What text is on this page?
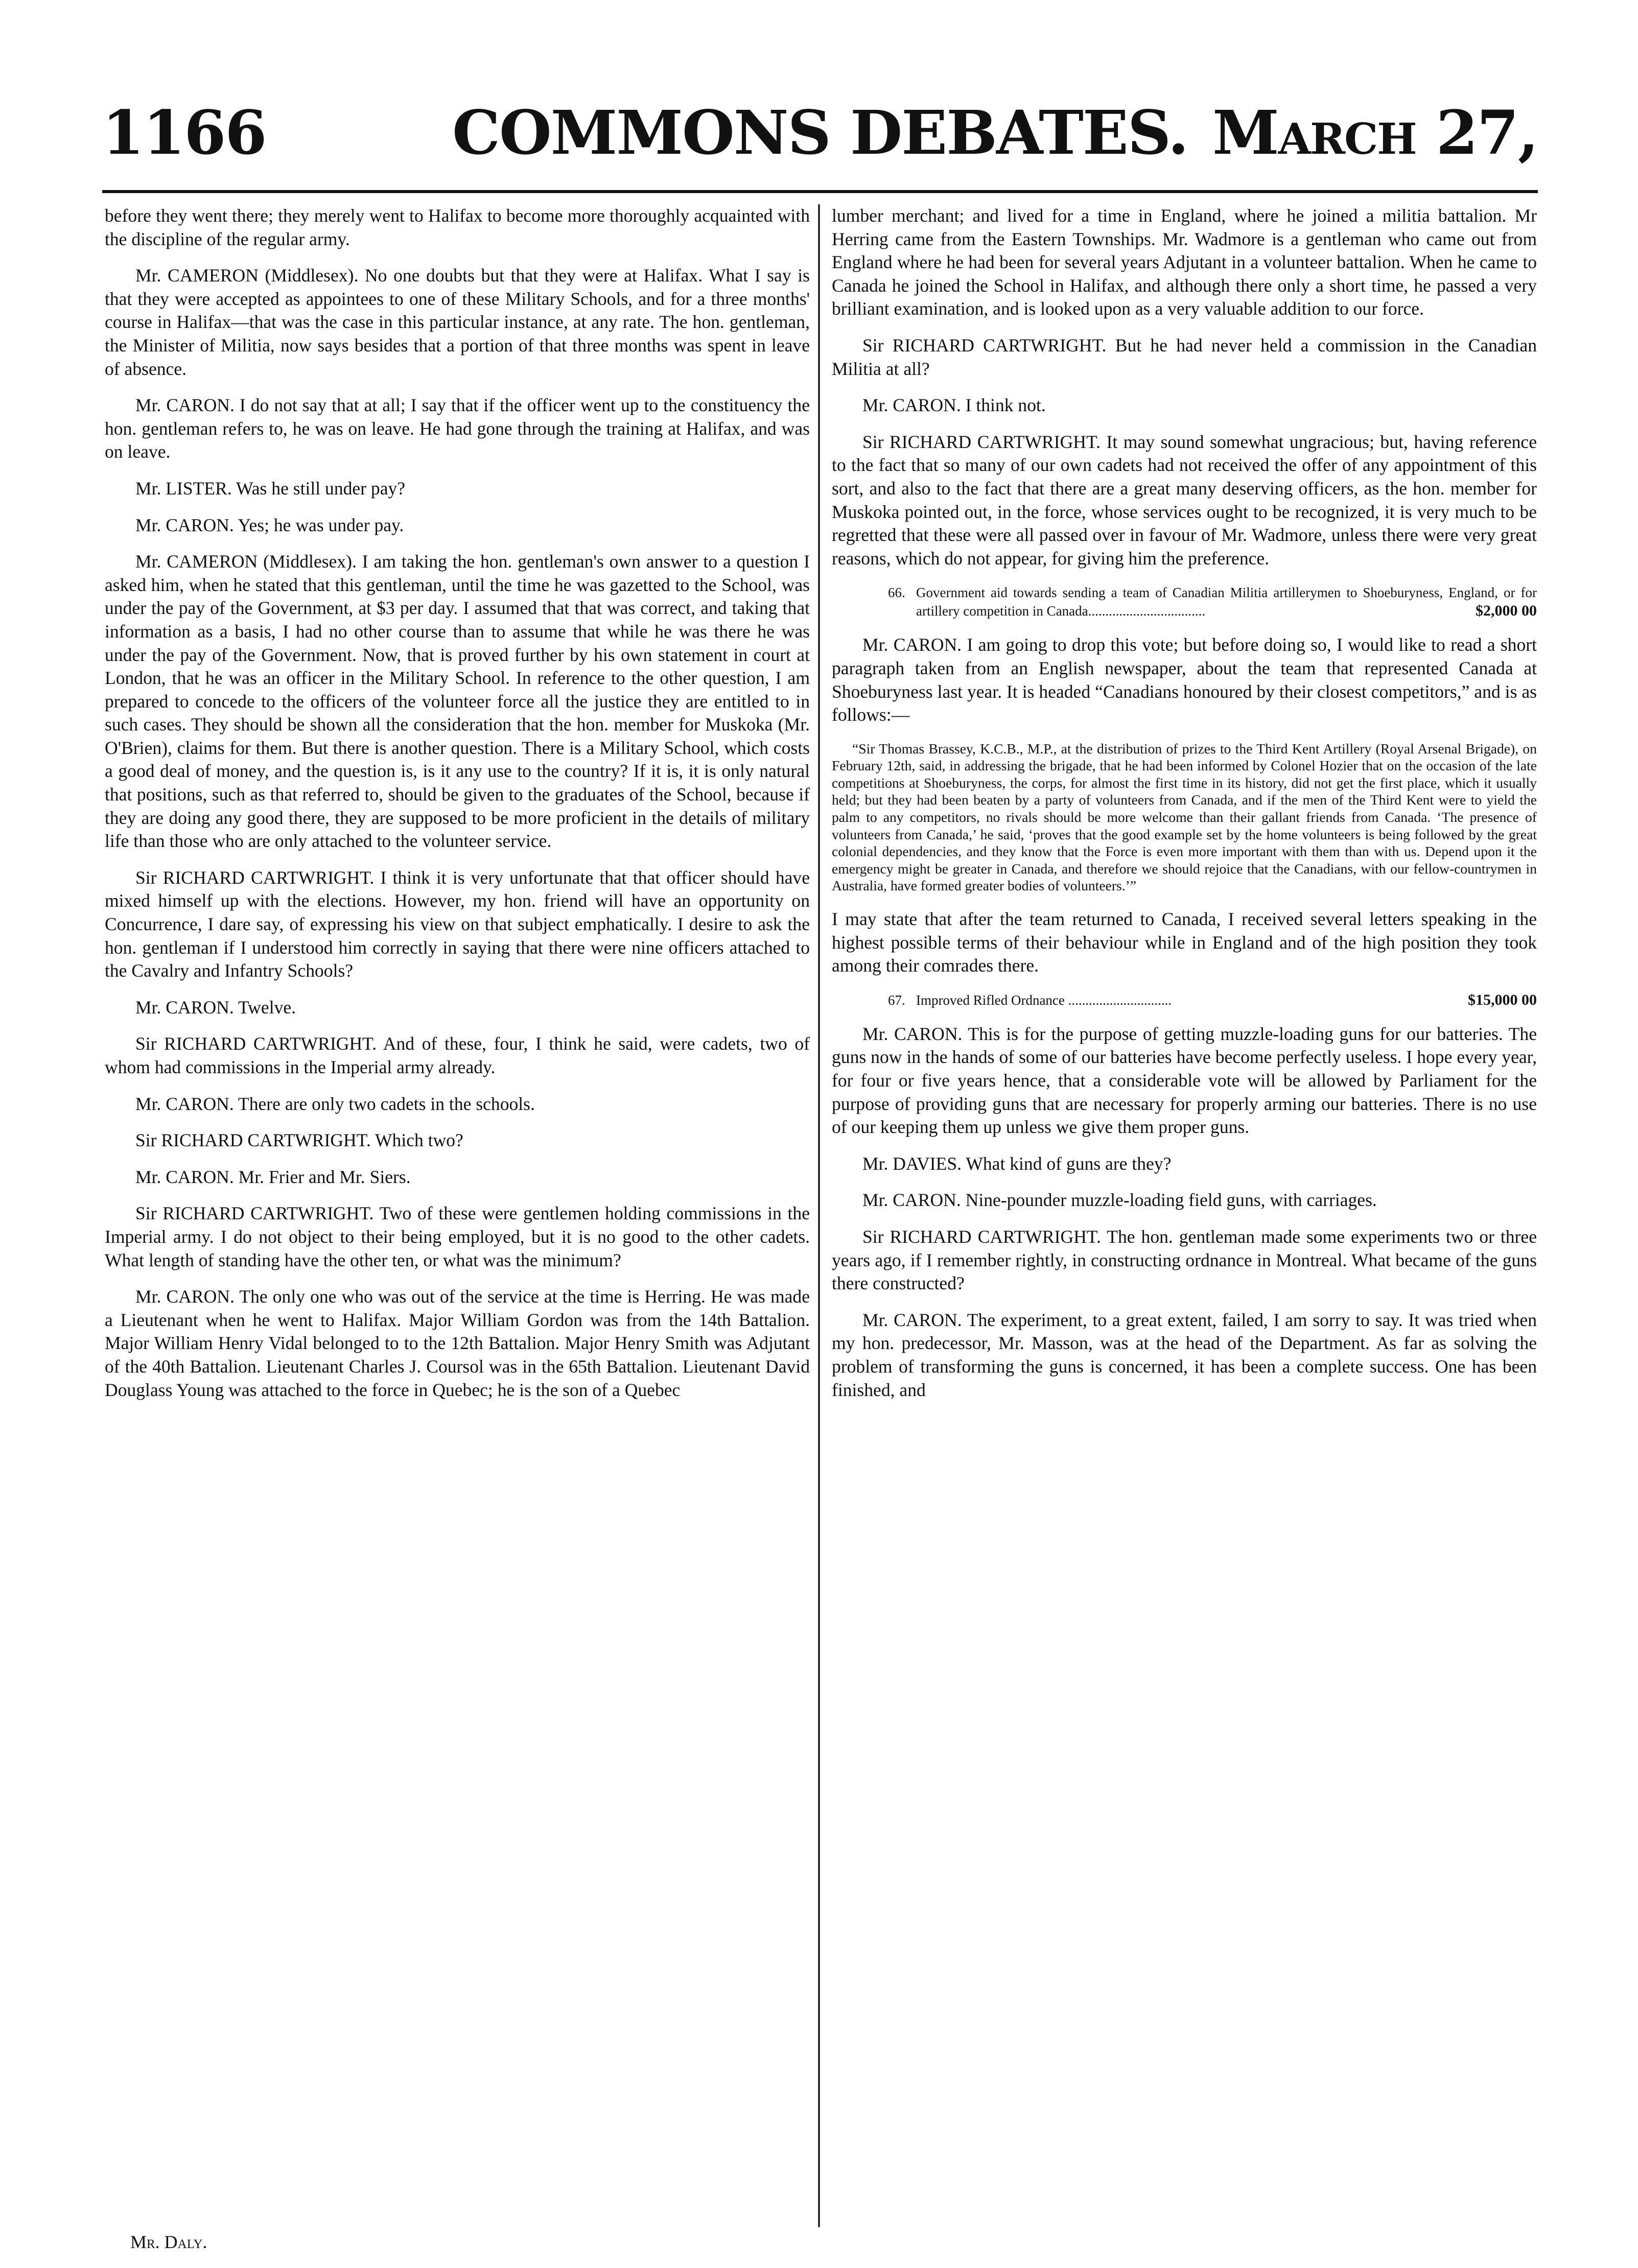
1166	COMMONS DEBATES. March 27,

before they went there; they merely went to Halifax to become more thoroughly acquainted with the discipline of the regular army.

Mr. CAMERON (Middlesex). No one doubts but that they were at Halifax. What I say is that they were accepted as appointees to one of these Military Schools, and for a three months' course in Halifax—that was the case in this particular instance, at any rate. The hon. gentleman, the Minister of Militia, now says besides that a portion of that three months was spent in leave of absence.

Mr. CARON. I do not say that at all; I say that if the officer went up to the constituency the hon. gentleman refers to, he was on leave. He had gone through the training at Halifax, and was on leave.

Mr. LISTER. Was he still under pay?

Mr. CARON. Yes; he was under pay.

Mr. CAMERON (Middlesex). I am taking the hon. gentleman's own answer to a question I asked him, when he stated that this gentleman, until the time he was gazetted to the School, was under the pay of the Government, at $3 per day. I assumed that that was correct, and taking that information as a basis, I had no other course than to assume that while he was there he was under the pay of the Government. Now, that is proved further by his own statement in court at London, that he was an officer in the Military School. In reference to the other question, I am prepared to concede to the officers of the volunteer force all the justice they are entitled to in such cases. They should be shown all the consideration that the hon. member for Muskoka (Mr. O'Brien), claims for them. But there is another question. There is a Military School, which costs a good deal of money, and the question is, is it any use to the country? If it is, it is only natural that positions, such as that referred to, should be given to the graduates of the School, because if they are doing any good there, they are supposed to be more proficient in the details of military life than those who are only attached to the volunteer service.

Sir RICHARD CARTWRIGHT. I think it is very unfortunate that that officer should have mixed himself up with the elections. However, my hon. friend will have an opportunity on Concurrence, I dare say, of expressing his view on that subject emphatically. I desire to ask the hon. gentleman if I understood him correctly in saying that there were nine officers attached to the Cavalry and Infantry Schools?

Mr. CARON. Twelve.

Sir RICHARD CARTWRIGHT. And of these, four, I think he said, were cadets, two of whom had commissions in the Imperial army already.

Mr. CARON. There are only two cadets in the schools.

Sir RICHARD CARTWRIGHT. Which two?

Mr. CARON. Mr. Frier and Mr. Siers.

Sir RICHARD CARTWRIGHT. Two of these were gentlemen holding commissions in the Imperial army. I do not object to their being employed, but it is no good to the other cadets. What length of standing have the other ten, or what was the minimum?

Mr. CARON. The only one who was out of the service at the time is Herring. He was made a Lieutenant when he went to Halifax. Major William Gordon was from the 14th Battalion. Major William Henry Vidal belonged to to the 12th Battalion. Major Henry Smith was Adjutant of the 40th Battalion. Lieutenant Charles J. Coursol was in the 65th Battalion. Lieutenant David Douglass Young was attached to the force in Quebec; he is the son of a Quebec

lumber merchant; and lived for a time in England, where he joined a militia battalion. Mr Herring came from the Eastern Townships. Mr. Wadmore is a gentleman who came out from England where he had been for several years Adjutant in a volunteer battalion. When he came to Canada he joined the School in Halifax, and although there only a short time, he passed a very brilliant examination, and is looked upon as a very valuable addition to our force.

Sir RICHARD CARTWRIGHT. But he had never held a commission in the Canadian Militia at all?

Mr. CARON. I think not.

Sir RICHARD CARTWRIGHT. It may sound somewhat ungracious; but, having reference to the fact that so many of our own cadets had not received the offer of any appointment of this sort, and also to the fact that there are a great many deserving officers, as the hon. member for Muskoka pointed out, in the force, whose services ought to be recognized, it is very much to be regretted that these were all passed over in favour of Mr. Wadmore, unless there were very great reasons, which do not appear, for giving him the preference.

66. Government aid towards sending a team of Canadian Militia artillerymen to Shoeburyness, England, or for artillery competition in Canada..................................	$2,000 00

Mr. CARON. I am going to drop this vote; but before doing so, I would like to read a short paragraph taken from an English newspaper, about the team that represented Canada at Shoeburyness last year. It is headed “Canadians honoured by their closest competitors,” and is as follows:—

“Sir Thomas Brassey, K.C.B., M.P., at the distribution of prizes to the Third Kent Artillery (Royal Arsenal Brigade), on February 12th, said, in addressing the brigade, that he had been informed by Colonel Hozier that on the occasion of the late competitions at Shoeburyness, the corps, for almost the first time in its history, did not get the first place, which it usually held; but they had been beaten by a party of volunteers from Canada, and if the men of the Third Kent were to yield the palm to any competitors, no rivals should be more welcome than their gallant friends from Canada. ‘The presence of volunteers from Canada,’ he said, ‘proves that the good example set by the home volunteers is being followed by the great colonial dependencies, and they know that the Force is even more important with them than with us. Depend upon it the emergency might be greater in Canada, and therefore we should rejoice that the Canadians, with our fellow-countrymen in Australia, have formed greater bodies of volunteers.’”

I may state that after the team returned to Canada, I received several letters speaking in the highest possible terms of their behaviour while in England and of the high position they took among their comrades there.

67. Improved Rifled Ordnance ..............................	$15,000 00

Mr. CARON. This is for the purpose of getting muzzle-loading guns for our batteries. The guns now in the hands of some of our batteries have become perfectly useless. I hope every year, for four or five years hence, that a considerable vote will be allowed by Parliament for the purpose of providing guns that are necessary for properly arming our batteries. There is no use of our keeping them up unless we give them proper guns.

Mr. DAVIES. What kind of guns are they?

Mr. CARON. Nine-pounder muzzle-loading field guns, with carriages.

Sir RICHARD CARTWRIGHT. The hon. gentleman made some experiments two or three years ago, if I remember rightly, in constructing ordnance in Montreal. What became of the guns there constructed?

Mr. CARON. The experiment, to a great extent, failed, I am sorry to say. It was tried when my hon. predecessor, Mr. Masson, was at the head of the Department. As far as solving the problem of transforming the guns is concerned, it has been a complete success. One has been finished, and

Mr. Daly.
